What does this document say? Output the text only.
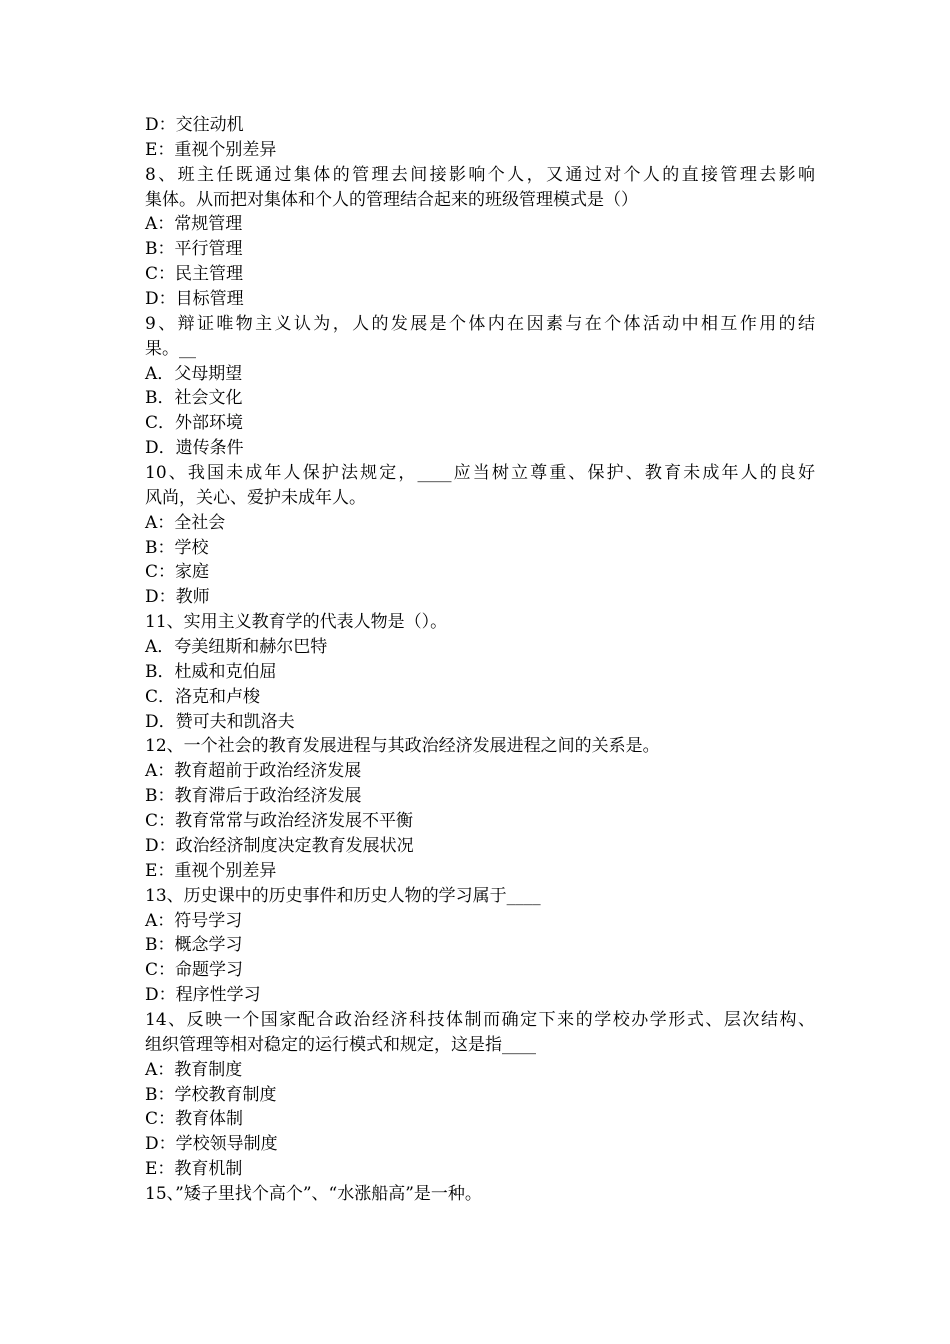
D：交往动机
E：重视个别差异
8、班主任既通过集体的管理去间接影响个人，又通过对个人的直接管理去影响
集体。从而把对集体和个人的管理结合起来的班级管理模式是（）
A：常规管理
B：平行管理
C：民主管理
D：目标管理
9、辩证唯物主义认为，人的发展是个体内在因素与在个体活动中相互作用的结
果。__
A．父母期望
B．社会文化
C．外部环境
D．遗传条件
10、我国未成年人保护法规定，____应当树立尊重、保护、教育未成年人的良好
风尚，关心、爱护未成年人。
A：全社会
B：学校
C：家庭
D：教师
11、实用主义教育学的代表人物是（）。
A．夸美纽斯和赫尔巴特
B．杜威和克伯屈
C．洛克和卢梭
D．赞可夫和凯洛夫
12、一个社会的教育发展进程与其政治经济发展进程之间的关系是。
A：教育超前于政治经济发展
B：教育滞后于政治经济发展
C：教育常常与政治经济发展不平衡
D：政治经济制度决定教育发展状况
E：重视个别差异
13、历史课中的历史事件和历史人物的学习属于____
A：符号学习
B：概念学习
C：命题学习
D：程序性学习
14、反映一个国家配合政治经济科技体制而确定下来的学校办学形式、层次结构、
组织管理等相对稳定的运行模式和规定，这是指____
A：教育制度
B：学校教育制度
C：教育体制
D：学校领导制度
E：教育机制
15、”矮子里找个高个”、“水涨船高”是一种。
